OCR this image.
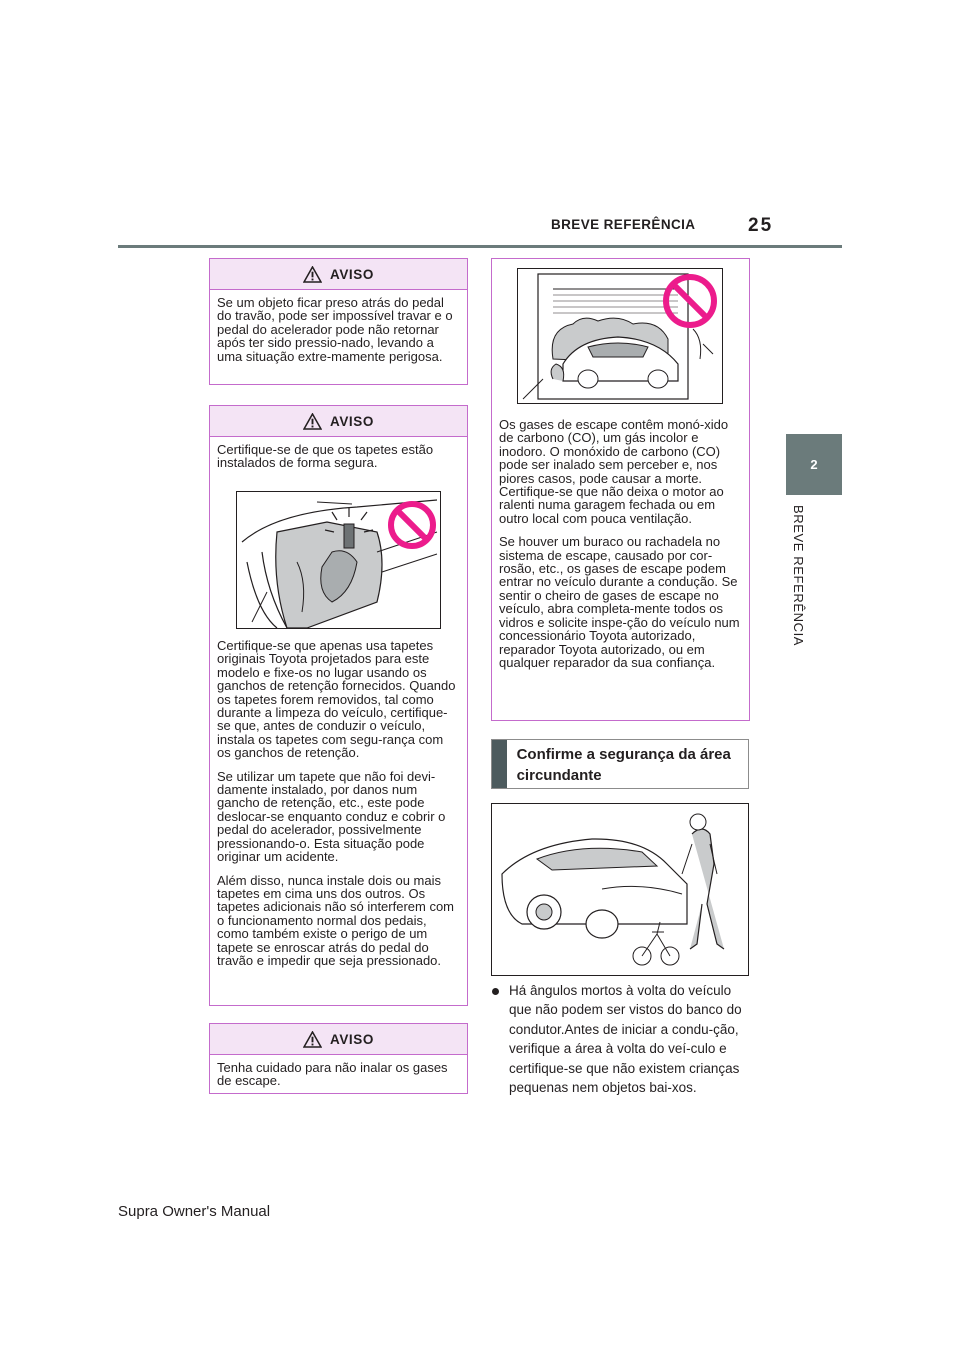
BREVE REFERÊNCIA	25
2
BREVE REFERÊNCIA
AVISO

Se um objeto ficar preso atrás do pedal do travão, pode ser impossível travar e o pedal do acelerador pode não retornar após ter sido pressio-nado, levando a uma situação extre-mamente perigosa.

AVISO

Certifique-se de que os tapetes estão instalados de forma segura.

Certifique-se que apenas usa tapetes originais Toyota projetados para este modelo e fixe-os no lugar usando os ganchos de retenção fornecidos. Quando os tapetes forem removidos, tal como durante a limpeza do veículo, certifique-se que, antes de conduzir o veículo, instala os tapetes com segu-rança com os ganchos de retenção.

Se utilizar um tapete que não foi devi-damente instalado, por danos num gancho de retenção, etc., este pode deslocar-se enquanto conduz e cobrir o pedal do acelerador, possivelmente pressionando-o. Esta situação pode originar um acidente.

Além disso, nunca instale dois ou mais tapetes em cima uns dos outros. Os tapetes adicionais não só interferem com o funcionamento normal dos pedais, como também existe o perigo de um tapete se enroscar atrás do pedal do travão e impedir que seja pressionado.

AVISO

Tenha cuidado para não inalar os gases de escape.

Os gases de escape contêm monó-xido de carbono (CO), um gás incolor e inodoro. O monóxido de carbono (CO) pode ser inalado sem perceber e, nos piores casos, pode causar a morte. Certifique-se que não deixa o motor ao ralenti numa garagem fechada ou em outro local com pouca ventilação.

Se houver um buraco ou rachadela no sistema de escape, causado por cor-rosão, etc., os gases de escape podem entrar no veículo durante a condução. Se sentir o cheiro de gases de escape no veículo, abra completa-mente todos os vidros e solicite inspe-ção do veículo num concessionário Toyota autorizado, reparador Toyota autorizado, ou em qualquer reparador da sua confiança.

Confirme a segurança da área circundante
Há ângulos mortos à volta do veículo que não podem ser vistos do banco do condutor.Antes de iniciar a condu-ção, verifique a área à volta do veí-culo e certifique-se que não existem crianças pequenas nem objetos bai-xos.
Supra Owner's Manual
